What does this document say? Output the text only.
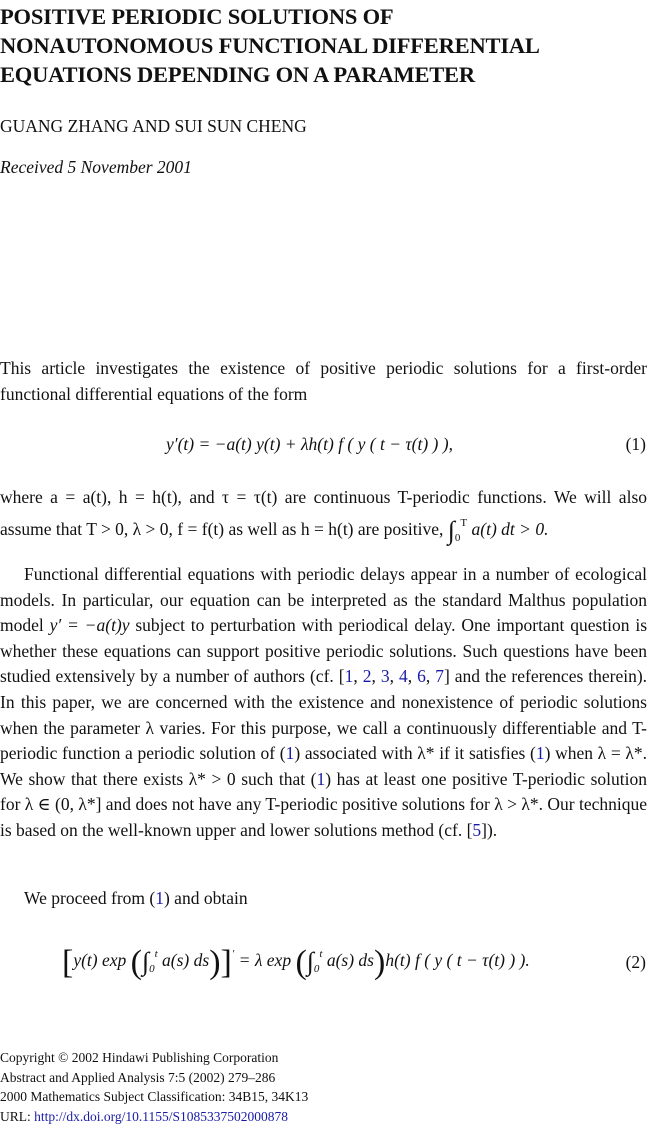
POSITIVE PERIODIC SOLUTIONS OF
NONAUTONOMOUS FUNCTIONAL DIFFERENTIAL
EQUATIONS DEPENDING ON A PARAMETER
GUANG ZHANG AND SUI SUN CHENG
Received 5 November 2001

This article investigates the existence of positive periodic solutions for a first-order functional differential equations of the form

y′(t) = −a(t) y(t) + λh(t) f ( y ( t − τ(t) ) ),	(1)

where a = a(t), h = h(t), and τ = τ(t) are continuous T-periodic functions. We will also assume that T > 0, λ > 0, f = f(t) as well as h = h(t) are positive, $\int_0^T$ a(t) dt > 0.

Functional differential equations with periodic delays appear in a number of ecological models. In particular, our equation can be interpreted as the standard Malthus population model y′ = −a(t)y subject to perturbation with periodical delay. One important question is whether these equations can support positive periodic solutions. Such questions have been studied extensively by a number of authors (cf. [1, 2, 3, 4, 6, 7] and the references therein). In this paper, we are concerned with the existence and nonexistence of periodic solutions when the parameter λ varies. For this purpose, we call a continuously differentiable and T-periodic function a periodic solution of (1) associated with λ* if it satisfies (1) when λ = λ*. We show that there exists λ* > 0 such that (1) has at least one positive T-periodic solution for λ ∈ (0, λ*] and does not have any T-periodic positive solutions for λ > λ*. Our technique is based on the well-known upper and lower solutions method (cf. [5]).

We proceed from (1) and obtain

[y(t) $\exp (\int_0^t$ a(s) ds)]′ = λ $\exp (\int_0^t$ a(s) ds)h(t) f ( y ( t − τ(t) ) ).	(2)
Copyright © 2002 Hindawi Publishing Corporation
Abstract and Applied Analysis 7:5 (2002) 279–286
2000 Mathematics Subject Classification: 34B15, 34K13
URL: http://dx.doi.org/10.1155/S1085337502000878
